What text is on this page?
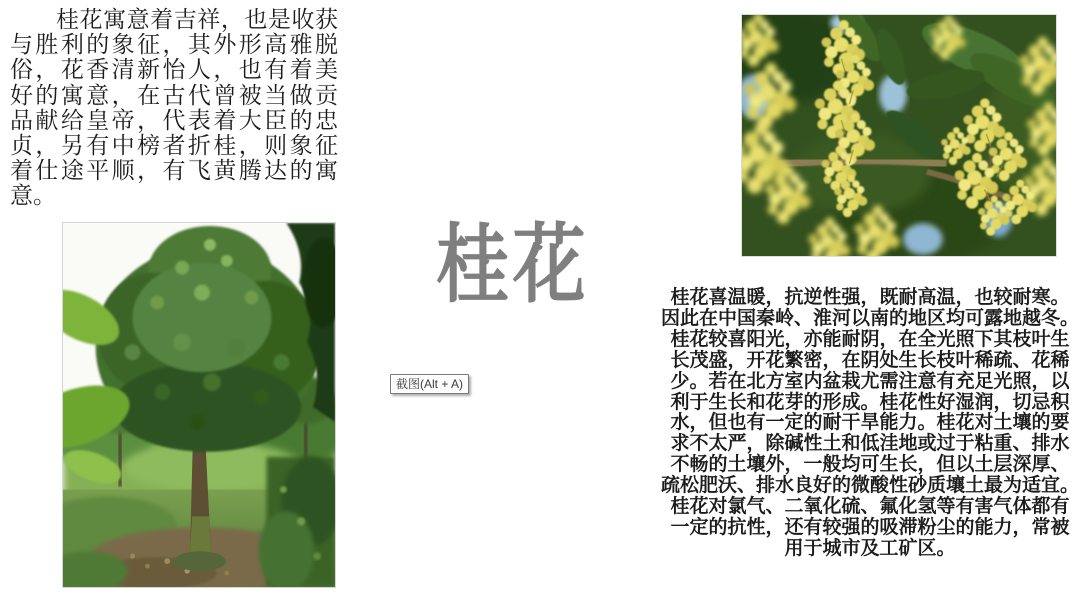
桂花寓意着吉祥，也是收获
与胜利的象征，其外形高雅脱
俗，花香清新怡人，也有着美
好的寓意，在古代曾被当做贡
品献给皇帝，代表着大臣的忠
贞，另有中榜者折桂，则象征
着仕途平顺，有飞黄腾达的寓
意。
桂花
截图(Alt + A)
桂花喜温暖，抗逆性强，既耐高温，也较耐寒。
因此在中国秦岭、淮河以南的地区均可露地越冬。
桂花较喜阳光，亦能耐阴，在全光照下其枝叶生
长茂盛，开花繁密，在阴处生长枝叶稀疏、花稀
少。若在北方室内盆栽尤需注意有充足光照，以
利于生长和花芽的形成。桂花性好湿润，切忌积
水，但也有一定的耐干旱能力。桂花对土壤的要
求不太严，除碱性土和低洼地或过于粘重、排水
不畅的土壤外，一般均可生长，但以土层深厚、
疏松肥沃、排水良好的微酸性砂质壤土最为适宜。
桂花对氯气、二氧化硫、氟化氢等有害气体都有
一定的抗性，还有较强的吸滞粉尘的能力，常被
用于城市及工矿区。
